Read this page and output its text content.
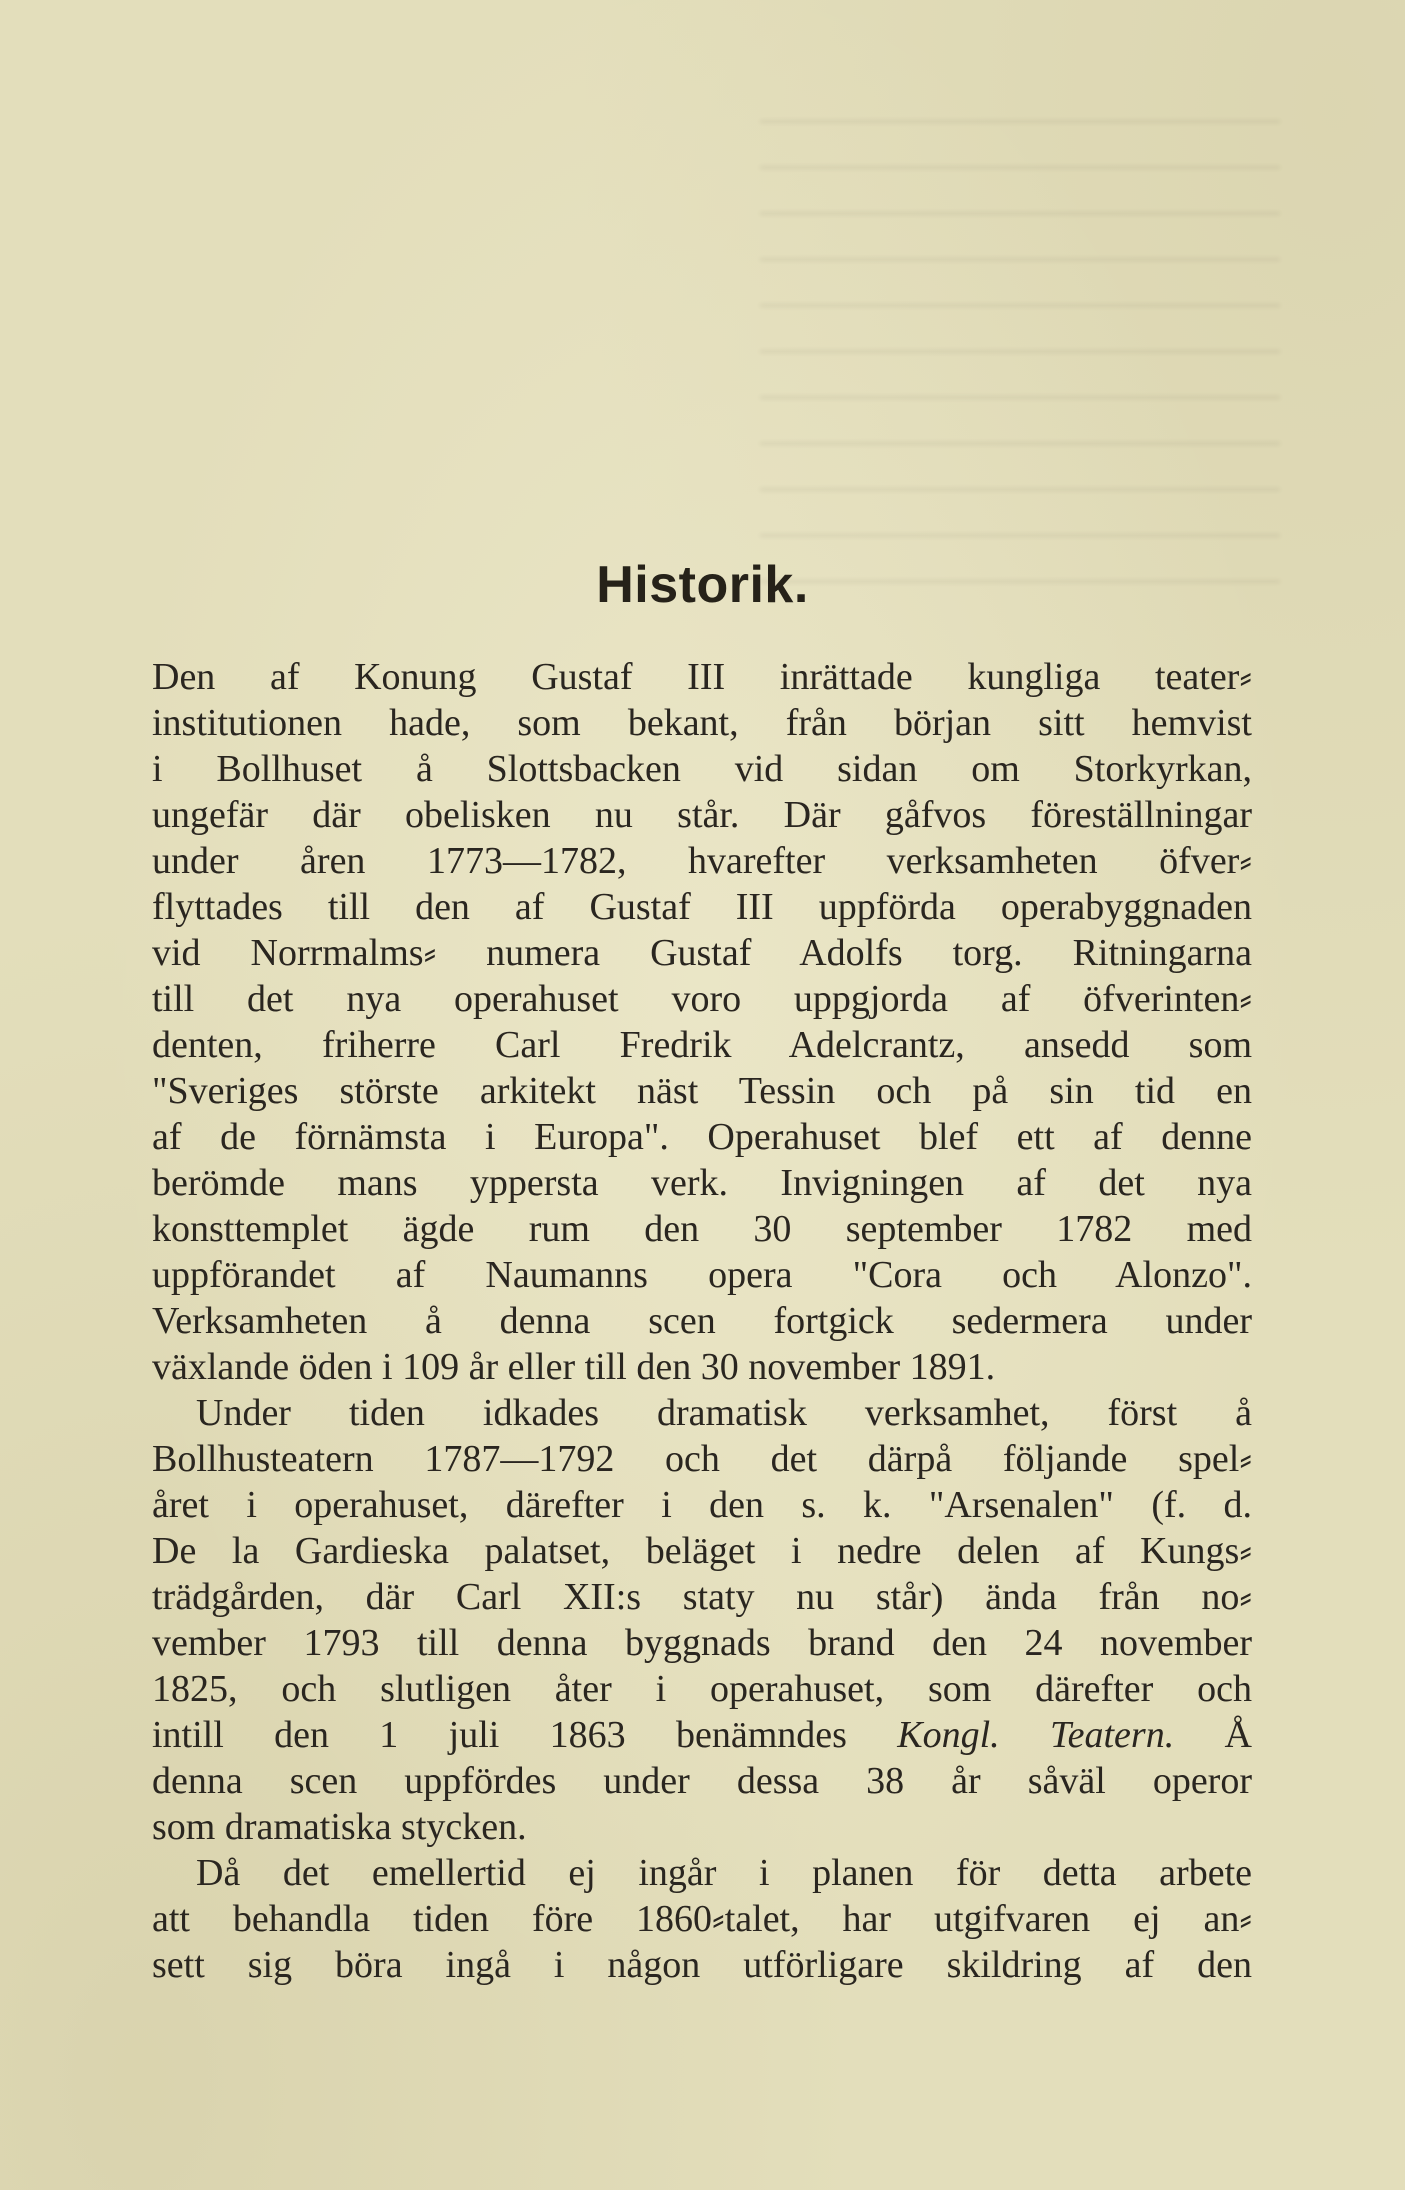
Historik.
Den af Konung Gustaf III inrättade kungliga teater⸗
institutionen hade, som bekant, från början sitt hemvist
i Bollhuset å Slottsbacken vid sidan om Storkyrkan,
ungefär där obelisken nu står. Där gåfvos föreställningar
under åren 1773—1782, hvarefter verksamheten öfver⸗
flyttades till den af Gustaf III uppförda operabyggnaden
vid Norrmalms⸗ numera Gustaf Adolfs torg. Ritningarna
till det nya operahuset voro uppgjorda af öfverinten⸗
denten, friherre Carl Fredrik Adelcrantz, ansedd som
"Sveriges störste arkitekt näst Tessin och på sin tid en
af de förnämsta i Europa". Operahuset blef ett af denne
berömde mans yppersta verk. Invigningen af det nya
konsttemplet ägde rum den 30 september 1782 med
uppförandet af Naumanns opera "Cora och Alonzo".
Verksamheten å denna scen fortgick sedermera under
växlande öden i 109 år eller till den 30 november 1891.
Under tiden idkades dramatisk verksamhet, först å
Bollhusteatern 1787—1792 och det därpå följande spel⸗
året i operahuset, därefter i den s. k. "Arsenalen" (f. d.
De la Gardieska palatset, beläget i nedre delen af Kungs⸗
trädgården, där Carl XII:s staty nu står) ända från no⸗
vember 1793 till denna byggnads brand den 24 november
1825, och slutligen åter i operahuset, som därefter och
intill den 1 juli 1863 benämndes Kongl. Teatern. Å
denna scen uppfördes under dessa 38 år såväl operor
som dramatiska stycken.
Då det emellertid ej ingår i planen för detta arbete
att behandla tiden före 1860⸗talet, har utgifvaren ej an⸗
sett sig böra ingå i någon utförligare skildring af den
